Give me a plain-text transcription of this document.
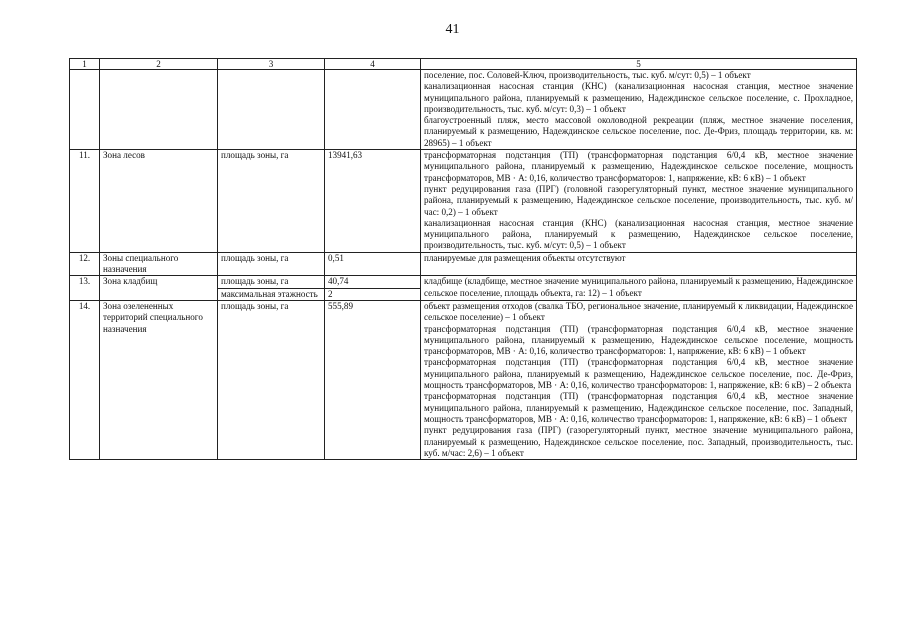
41
1	2	3	4	5

				поселение, пос. Соловей-Ключ, производительность, тыс. куб. м/сут: 0,5) – 1 объект
канализационная насосная станция (КНС) (канализационная насосная станция, местное значение муниципального района, планируемый к размещению, Надеждинское сельское поселение, с. Прохладное, производительность, тыс. куб. м/сут: 0,3) – 1 объект
благоустроенный пляж, место массовой околоводной рекреации (пляж, местное значение поселения, планируемый к размещению, Надеждинское сельское поселение, пос. Де-Фриз, площадь территории, кв. м: 28965) – 1 объект

11.	Зона лесов	площадь зоны, га	13941,63	трансформаторная подстанция (ТП) (трансформаторная подстанция 6/0,4 кВ, местное значение муниципального района, планируемый к размещению, Надеждинское сельское поселение, мощность трансформаторов, МВ · А: 0,16, количество трансформаторов: 1, напряжение, кВ: 6 кВ) – 1 объект
пункт редуцирования газа (ПРГ) (головной газорегуляторный пункт, местное значение муниципального района, планируемый к размещению, Надеждинское сельское поселение, производительность, тыс. куб. м/час: 0,2) – 1 объект
канализационная насосная станция (КНС) (канализационная насосная станция, местное значение муниципального района, планируемый к размещению, Надеждинское сельское поселение, производительность, тыс. куб. м/сут: 0,5) – 1 объект

12.	Зоны специального назначения	площадь зоны, га	0,51	планируемые для размещения объекты отсутствуют

13.	Зона кладбищ	площадь зоны, га	40,74	кладбище (кладбище, местное значение муниципального района, планируемый к размещению, Надеждинское сельское поселение, площадь объекта, га: 12) – 1 объект

		максимальная этажность	2	
14.	Зона озелененных территорий специального назначения	площадь зоны, га	555,89	объект размещения отходов (свалка ТБО, региональное значение, планируемый к ликвидации, Надеждинское сельское поселение) – 1 объект
трансформаторная подстанция (ТП) (трансформаторная подстанция 6/0,4 кВ, местное значение муниципального района, планируемый к размещению, Надеждинское сельское поселение, мощность трансформаторов, МВ · А: 0,16, количество трансформаторов: 1, напряжение, кВ: 6 кВ) – 1 объект
трансформаторная подстанция (ТП) (трансформаторная подстанция 6/0,4 кВ, местное значение муниципального района, планируемый к размещению, Надеждинское сельское поселение, пос. Де-Фриз, мощность трансформаторов, МВ · А: 0,16, количество трансформаторов: 1, напряжение, кВ: 6 кВ) – 2 объекта
трансформаторная подстанция (ТП) (трансформаторная подстанция 6/0,4 кВ, местное значение муниципального района, планируемый к размещению, Надеждинское сельское поселение, пос. Западный, мощность трансформаторов, МВ · А: 0,16, количество трансформаторов: 1, напряжение, кВ: 6 кВ) – 1 объект
пункт редуцирования газа (ПРГ) (газорегуляторный пункт, местное значение муниципального района, планируемый к размещению, Надеждинское сельское поселение, пос. Западный, производительность, тыс. куб. м/час: 2,6) – 1 объект
